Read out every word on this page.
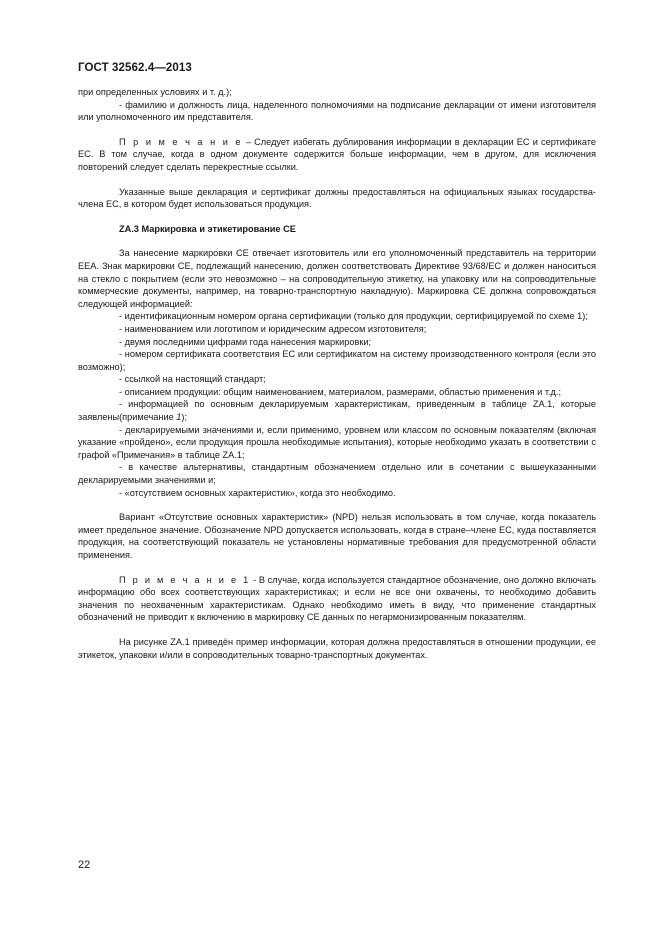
ГОСТ 32562.4—2013

при определенных условиях и т. д.);

- фамилию и должность лица, наделенного полномочиями на подписание декларации от имени изготовителя или уполномоченного им представителя.

П р и м е ч а н и е – Следует избегать дублирования информации в декларации ЕС и сертификате ЕС. В том случае, когда в одном документе содержится больше информации, чем в другом, для исключения повторений следует сделать перекрестные ссылки.

Указанные выше декларация и сертификат должны предоставляться на официальных языках государства-члена ЕС, в котором будет использоваться продукция.

ZA.3 Маркировка и этикетирование СЕ

За нанесение маркировки СЕ отвечает изготовитель или его уполномоченный представитель на территории ЕЕА. Знак маркировки СЕ, подлежащий нанесению, должен соответствовать Директиве 93/68/ЕС и должен наноситься на стекло с покрытием (если это невозможно – на сопроводительную этикетку, на упаковку или на сопроводительные коммерческие документы, например, на товарно-транспортную накладную). Маркировка СЕ должна сопровождаться следующей информацией:

- идентификационным номером органа сертификации (только для продукции, сертифицируемой по схеме 1);

- наименованием или логотипом и юридическим адресом изготовителя;

- двумя последними цифрами года нанесения маркировки;

- номером сертификата соответствия ЕС или сертификатом на систему производственного контроля (если это возможно);

- ссылкой на настоящий стандарт;

- описанием продукции: общим наименованием, материалом, размерами, областью применения и т.д.;

- информацией по основным декларируемым характеристикам, приведенным в таблице ZA.1, которые заявлены(примечание 1);

- декларируемыми значениями и, если применимо, уровнем или классом по основным показателям (включая указание «пройдено», если продукция прошла необходимые испытания), которые необходимо указать в соответствии с графой «Примечания» в таблице ZA.1;

- в качестве альтернативы, стандартным обозначением отдельно или в сочетании с вышеуказанными декларируемыми значениями и;

- «отсутствием основных характеристик», когда это необходимо.

Вариант «Отсутствие основных характеристик» (NPD) нельзя использовать в том случае, когда показатель имеет предельное значение. Обозначение NPD допускается использовать, когда в стране–члене ЕС, куда поставляется продукция, на соответствующий показатель не установлены нормативные требования для предусмотренной области применения.

П р и м е ч а н и е 1 - В случае, когда используется стандартное обозначение, оно должно включать информацию обо всех соответствующих характеристиках; и если не все они охвачены, то необходимо добавить значения по неохваченным характеристикам. Однако необходимо иметь в виду, что применение стандартных обозначений не приводит к включению в маркировку СЕ данных по негармонизированным показателям.

На рисунке ZA.1 приведён пример информации, которая должна предоставляться в отношении продукции, ее этикеток, упаковки и/или в сопроводительных товарно-транспортных документах.

22
